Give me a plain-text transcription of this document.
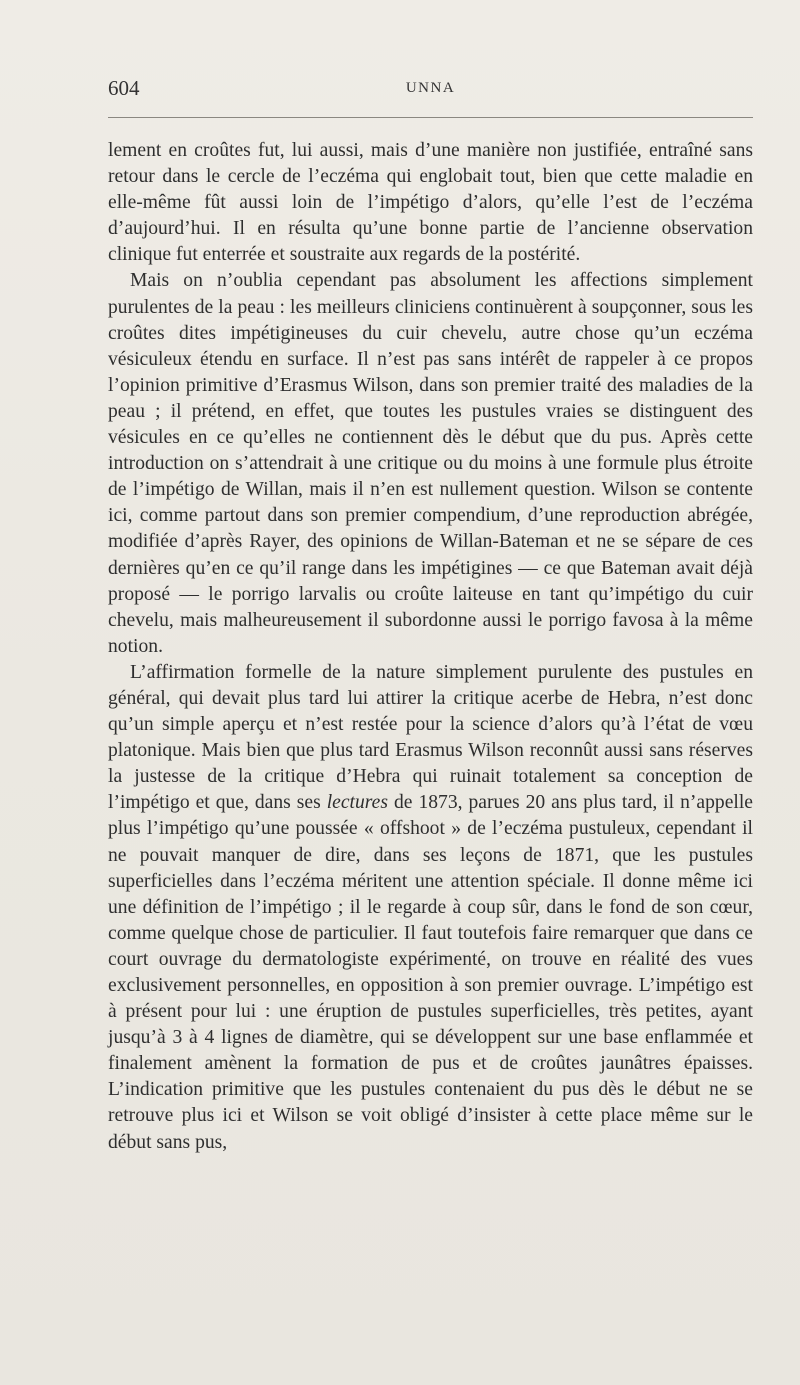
604	UNNA

lement en croûtes fut, lui aussi, mais d’une manière non justifiée, entraîné sans retour dans le cercle de l’eczéma qui englobait tout, bien que cette maladie en elle-même fût aussi loin de l’impétigo d’alors, qu’elle l’est de l’eczéma d’aujourd’hui. Il en résulta qu’une bonne partie de l’ancienne observation clinique fut enterrée et soustraite aux regards de la postérité.

Mais on n’oublia cependant pas absolument les affections simplement purulentes de la peau : les meilleurs cliniciens continuèrent à soupçonner, sous les croûtes dites impétigineuses du cuir chevelu, autre chose qu’un eczéma vésiculeux étendu en surface. Il n’est pas sans intérêt de rappeler à ce propos l’opinion primitive d’Erasmus Wilson, dans son premier traité des maladies de la peau ; il prétend, en effet, que toutes les pustules vraies se distinguent des vésicules en ce qu’elles ne contiennent dès le début que du pus. Après cette introduction on s’attendrait à une critique ou du moins à une formule plus étroite de l’impétigo de Willan, mais il n’en est nullement question. Wilson se contente ici, comme partout dans son premier compendium, d’une reproduction abrégée, modifiée d’après Rayer, des opinions de Willan-Bateman et ne se sépare de ces dernières qu’en ce qu’il range dans les impétigines — ce que Bateman avait déjà proposé — le porrigo larvalis ou croûte laiteuse en tant qu’impétigo du cuir chevelu, mais malheureusement il subordonne aussi le porrigo favosa à la même notion.

L’affirmation formelle de la nature simplement purulente des pustules en général, qui devait plus tard lui attirer la critique acerbe de Hebra, n’est donc qu’un simple aperçu et n’est restée pour la science d’alors qu’à l’état de vœu platonique. Mais bien que plus tard Erasmus Wilson reconnût aussi sans réserves la justesse de la critique d’Hebra qui ruinait totalement sa conception de l’impétigo et que, dans ses lectures de 1873, parues 20 ans plus tard, il n’appelle plus l’impétigo qu’une poussée « offshoot » de l’eczéma pustuleux, cependant il ne pouvait manquer de dire, dans ses leçons de 1871, que les pustules superficielles dans l’eczéma méritent une attention spéciale. Il donne même ici une définition de l’impétigo ; il le regarde à coup sûr, dans le fond de son cœur, comme quelque chose de particulier. Il faut toutefois faire remarquer que dans ce court ouvrage du dermatologiste expérimenté, on trouve en réalité des vues exclusivement personnelles, en opposition à son premier ouvrage. L’impétigo est à présent pour lui : une éruption de pustules superficielles, très petites, ayant jusqu’à 3 à 4 lignes de diamètre, qui se développent sur une base enflammée et finalement amènent la formation de pus et de croûtes jaunâtres épaisses. L’indication primitive que les pustules contenaient du pus dès le début ne se retrouve plus ici et Wilson se voit obligé d’insister à cette place même sur le début sans pus,
